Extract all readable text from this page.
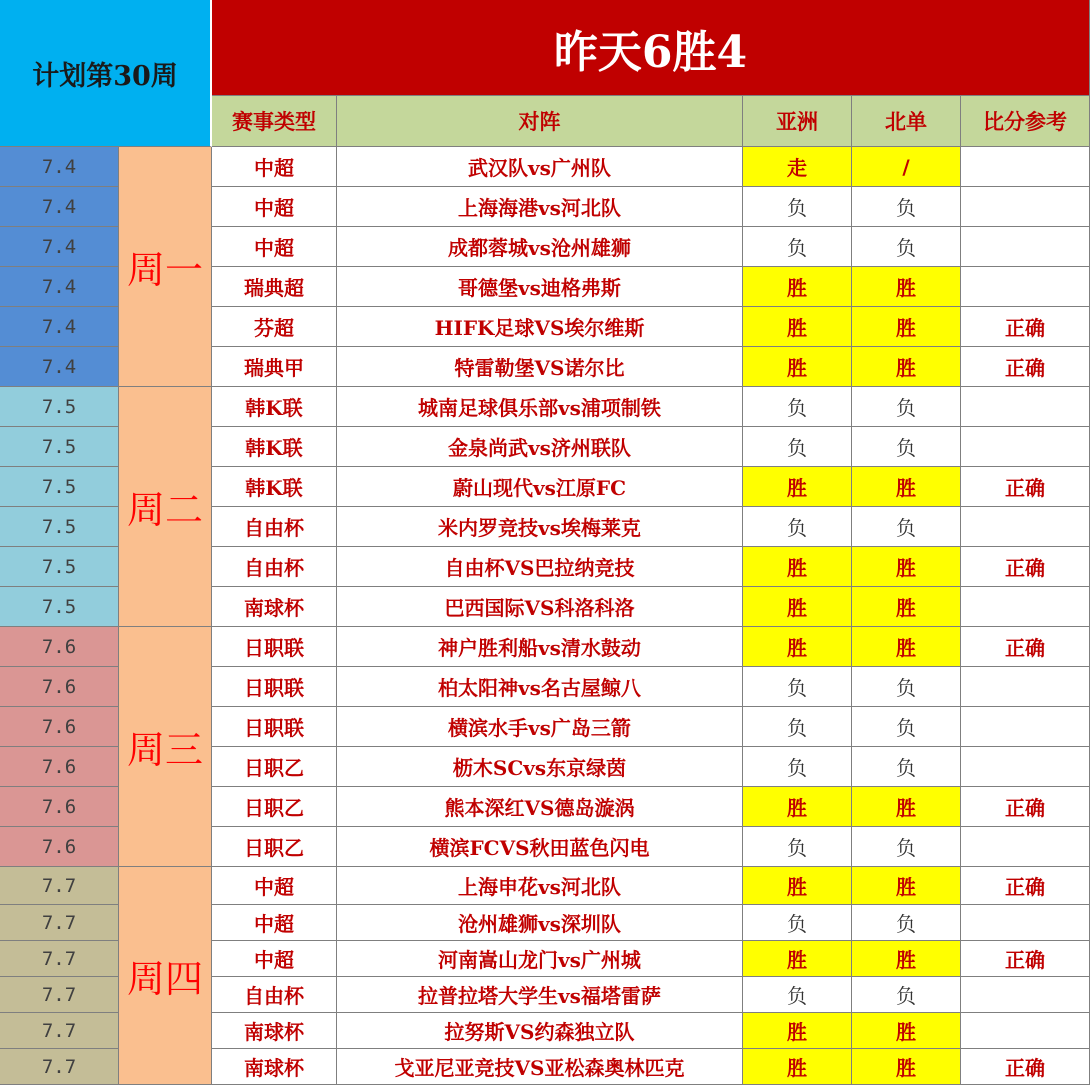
计划第30周	昨天6胜4
赛事类型	对阵	亚洲	北单	比分参考
7.4	中超	武汉队vs广州队	走	/
7.4	中超	上海海港vs河北队	负	负
7.4	中超	成都蓉城vs沧州雄狮	负	负
7.4	瑞典超	哥德堡vs迪格弗斯	胜	胜
7.4	芬超	HIFK足球VS埃尔维斯	胜	胜	正确
7.4	瑞典甲	特雷勒堡VS诺尔比	胜	胜	正确
周一
7.5	韩K联	城南足球俱乐部vs浦项制铁	负	负
7.5	韩K联	金泉尚武vs济州联队	负	负
7.5	韩K联	蔚山现代vs江原FC	胜	胜	正确
7.5	自由杯	米内罗竞技vs埃梅莱克	负	负
7.5	自由杯	自由杯VS巴拉纳竞技	胜	胜	正确
7.5	南球杯	巴西国际VS科洛科洛	胜	胜
周二
7.6	日职联	神户胜利船vs清水鼓动	胜	胜	正确
7.6	日职联	柏太阳神vs名古屋鲸八	负	负
7.6	日职联	横滨水手vs广岛三箭	负	负
7.6	日职乙	枥木SCvs东京绿茵	负	负
7.6	日职乙	熊本深红VS德岛漩涡	胜	胜	正确
7.6	日职乙	横滨FCVS秋田蓝色闪电	负	负
周三
7.7	中超	上海申花vs河北队	胜	胜	正确
7.7	中超	沧州雄狮vs深圳队	负	负
7.7	中超	河南嵩山龙门vs广州城	胜	胜	正确
7.7	自由杯	拉普拉塔大学生vs福塔雷萨	负	负
7.7	南球杯	拉努斯VS约森独立队	胜	胜
7.7	南球杯	戈亚尼亚竞技VS亚松森奥林匹克	胜	胜	正确
周四
